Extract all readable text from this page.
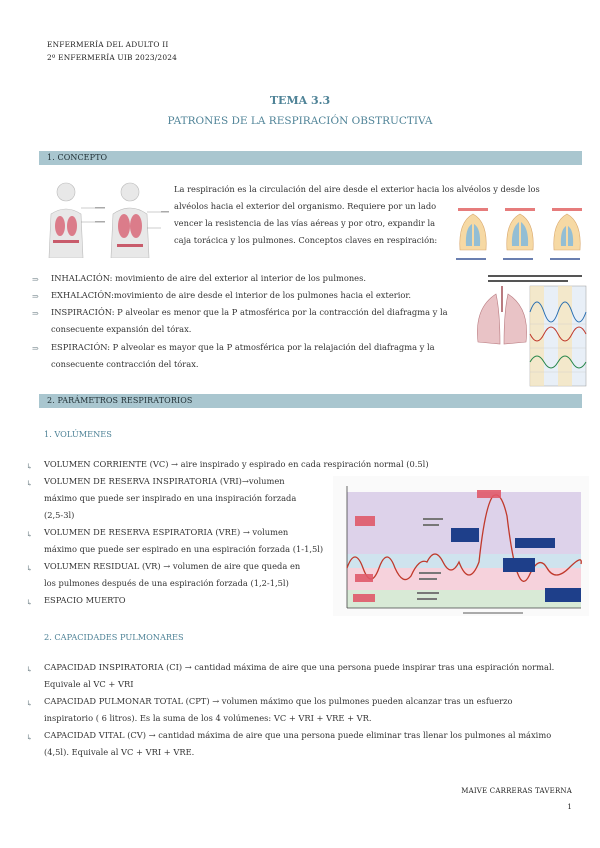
ENFERMERÍA DEL ADULTO II
2º ENFERMERÍA UIB 2023/2024
TEMA 3.3
PATRONES DE LA RESPIRACIÓN OBSTRUCTIVA
1. CONCEPTO
La respiración es la circulación del aire desde el exterior hacia los alvéolos y desde los
alvéolos hacia el exterior del organismo. Requiere por un lado
vencer la resistencia de las vías aéreas y por otro, expandir la
caja torácica y los pulmones. Conceptos claves en respiración:
⇒ INHALACIÓN: movimiento de aire del exterior al interior de los pulmones.
⇒ EXHALACIÓN:movimiento de aire desde el interior de los pulmones hacia el exterior.
⇒ INSPIRACIÓN: P alveolar es menor que la P atmosférica por la contracción del diafragma y la
consecuente expansión del tórax.
⇒ ESPIRACIÓN: P alveolar es mayor que la P atmosférica por la relajación del diafragma y la
consecuente contracción del tórax.
2. PARÁMETROS RESPIRATORIOS
1. VOLÚMENES
↳ VOLUMEN CORRIENTE (VC) → aire inspirado y espirado en cada respiración normal (0.5l)
↳ VOLUMEN DE RESERVA INSPIRATORIA (VRI)→volumen
máximo que puede ser inspirado en una inspiración forzada
(2,5-3l)
↳ VOLUMEN DE RESERVA ESPIRATORIA (VRE) → volumen
máximo que puede ser espirado en una espiración forzada (1-1,5l)
↳ VOLUMEN RESIDUAL (VR) → volumen de aire que queda en
los pulmones después de una espiración forzada (1,2-1,5l)
↳ ESPACIO MUERTO
2. CAPACIDADES PULMONARES
↳ CAPACIDAD INSPIRATORIA (CI) → cantidad máxima de aire que una persona puede inspirar tras una espiración normal.
Equivale al VC + VRI
↳ CAPACIDAD PULMONAR TOTAL (CPT) → volumen máximo que los pulmones pueden alcanzar tras un esfuerzo
inspiratorio ( 6 litros). Es la suma de los 4 volúmenes: VC + VRI + VRE + VR.
↳ CAPACIDAD VITAL (CV) → cantidad máxima de aire que una persona puede eliminar tras llenar los pulmones al máximo
(4,5l). Equivale al VC + VRI + VRE.
MAIVE CARRERAS TAVERNA
1
